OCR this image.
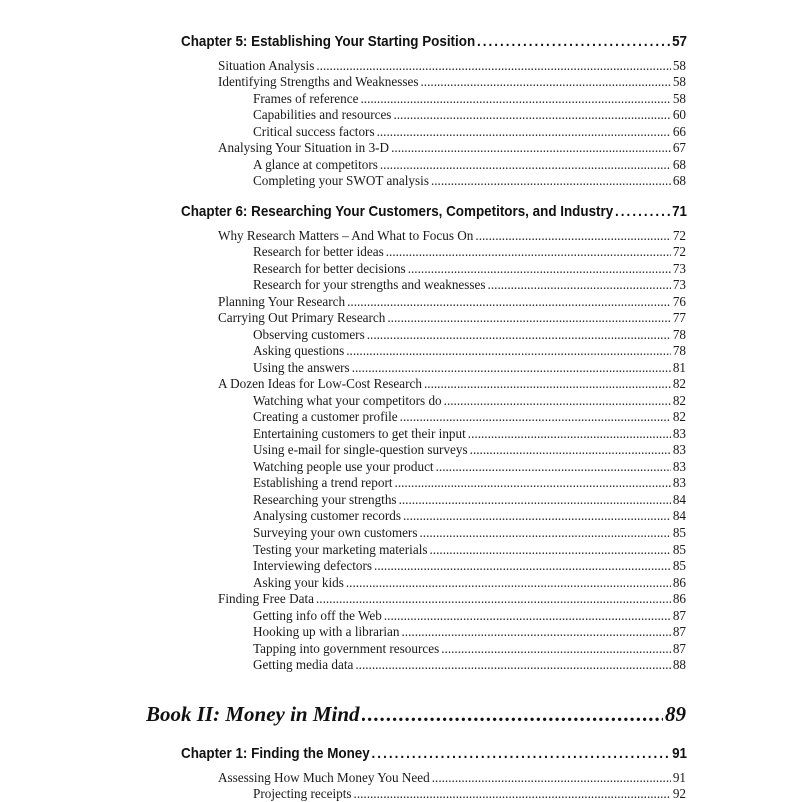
Chapter 5: Establishing Your Starting Position .....	57
Situation Analysis .....	58
Identifying Strengths and Weaknesses .....	58
Frames of reference .....	58
Capabilities and resources .....	60
Critical success factors .....	66
Analysing Your Situation in 3-D .....	67
A glance at competitors .....	68
Completing your SWOT analysis .....	68
Chapter 6: Researching Your Customers, Competitors, and Industry .....	71
Why Research Matters – And What to Focus On .....	72
Research for better ideas .....	72
Research for better decisions .....	73
Research for your strengths and weaknesses .....	73
Planning Your Research .....	76
Carrying Out Primary Research .....	77
Observing customers .....	78
Asking questions .....	78
Using the answers .....	81
A Dozen Ideas for Low-Cost Research .....	82
Watching what your competitors do .....	82
Creating a customer profile .....	82
Entertaining customers to get their input .....	83
Using e-mail for single-question surveys .....	83
Watching people use your product .....	83
Establishing a trend report .....	83
Researching your strengths .....	84
Analysing customer records .....	84
Surveying your own customers .....	85
Testing your marketing materials .....	85
Interviewing defectors .....	85
Asking your kids .....	86
Finding Free Data .....	86
Getting info off the Web .....	87
Hooking up with a librarian .....	87
Tapping into government resources .....	87
Getting media data .....	88
Book II: Money in Mind .....	89
Chapter 1: Finding the Money .....	91
Assessing How Much Money You Need .....	91
Projecting receipts .....	92
